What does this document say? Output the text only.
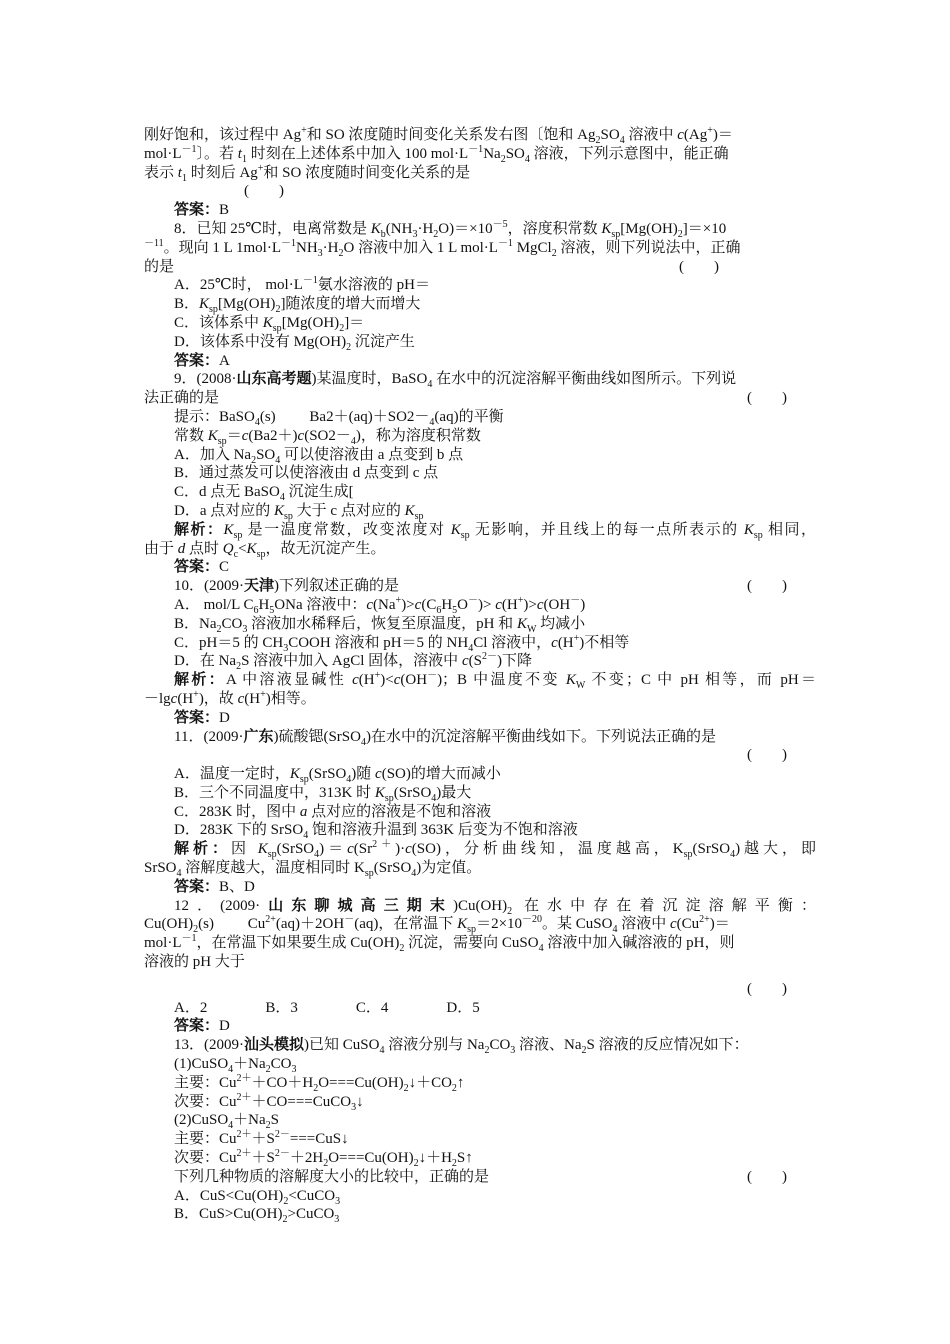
刚好饱和，该过程中 Ag+和 SO 浓度随时间变化关系发右图〔饱和 $Ag_2SO_4$ 溶液中 c(Ag+)＝
$mol\cdot L^{-1}$〕。若 $t_1$ 时刻在上述体系中加入 100 $mol\cdot L^{-1}Na_2SO_4$ 溶液，下列示意图中，能正确
表示 $t_1$ 时刻后 Ag+和 SO 浓度随时间变化关系的是
(　　)
答案：B
8．已知 25℃时，电离常数是 $K_b(NH_3\cdot H_2O)=\times 10^{-5}$，溶度积常数 $K_{sp}[Mg(OH)_2]=\times 10$
$^{-11}$。现向 1 L $1mol\cdot L^{-1}NH_3\cdot H_2O$ 溶液中加入 1 L $mol\cdot L^{-1}$ MgCl$_2$ 溶液，则下列说法中，正确
的是	(　　)
A．25℃时， $mol\cdot L^{-1}$氨水溶液的 pH＝
B．$K_{sp}[Mg(OH)_2]$随浓度的增大而增大
C．该体系中 $K_{sp}[Mg(OH)_2]=$
D．该体系中没有 $Mg(OH)_2$ 沉淀产生
答案：A
9．(2008·山东高考题)某温度时，BaSO$_4$ 在水中的沉淀溶解平衡曲线如图所示。下列说
法正确的是	(　　)
提示：BaSO$_4$(s)　　 $Ba2+(aq)+SO2-_4(aq)$的平衡
常数 $K_{sp}=c(Ba2+)c(SO2-_4)$，称为溶度积常数
A．加入 $Na_2SO_4$ 可以使溶液由 a 点变到 b 点
B．通过蒸发可以使溶液由 d 点变到 c 点
C．d 点无 BaSO$_4$ 沉淀生成[
D．a 点对应的 $K_{sp}$ 大于 c 点对应的 $K_{sp}$
解析：$K_{sp}$ 是一温度常数，改变浓度对 $K_{sp}$ 无影响，并且线上的每一点所表示的 $K_{sp}$ 相同，
由于 d 点时 $Q_c<K_{sp}$，故无沉淀产生。
答案：C
10．(2009·天津)下列叙述正确的是	(　　)
A． mol/L $C_6H_5ONa$ 溶液中：$c(Na^+)>c(C_6H_5O^-)> c(H^+)>c(OH^-)$
B．$Na_2CO_3$ 溶液加水稀释后，恢复至原温度，pH 和 $K_W$ 均减小
C．pH＝5 的 $CH_3COOH$ 溶液和 pH＝5 的 $NH_4Cl$ 溶液中，c(H+)不相等
D．在 $Na_2S$ 溶液中加入 AgCl 固体，溶液中 $c(S^{2-})$下降
解析：A 中溶液显碱性 c(H+)<c(OH－)；B 中温度不变 $K_W$ 不变；C 中 pH 相等，而 pH＝
－lgc(H+)，故 c(H+)相等。
答案：D
11．(2009·广东)硫酸锶(SrSO$_4$)在水中的沉淀溶解平衡曲线如下。下列说法正确的是
(　　)
A．温度一定时，$K_{sp}(SrSO_4)$随 c(SO)的增大而减小
B．三个不同温度中，313K 时 $K_{sp}(SrSO_4)$最大
C．283K 时，图中 a 点对应的溶液是不饱和溶液
D．283K 下的 SrSO$_4$ 饱和溶液升温到 363K 后变为不饱和溶液
解析：因 $K_{sp}(SrSO_4)=c(Sr^{2+})\cdot c(SO)$，分析曲线知，温度越高，$K_{sp}(SrSO_4)$越大，即
SrSO$_4$ 溶解度越大，温度相同时 $K_{sp}(SrSO_4)$为定值。
答案：B、D
12．(2009·山东聊城高三期末)$Cu(OH)_2$ 在水中存在着沉淀溶解平衡：
$Cu(OH)_2(s)$　　 $Cu^{2+}(aq)+2OH^-(aq)$，在常温下 $K_{sp}=2\times 10^{-20}$。某 CuSO$_4$ 溶液中 $c(Cu^{2+})=$
$mol\cdot L^{-1}$，在常温下如果要生成 $Cu(OH)_2$ 沉淀，需要向 CuSO$_4$ 溶液中加入碱溶液的 pH，则
溶液的 pH 大于
(　　)
A．2	B．3	C．4	D．5
答案：D
13．(2009·汕头模拟)已知 CuSO$_4$ 溶液分别与 $Na_2CO_3$ 溶液、$Na_2S$ 溶液的反应情况如下：
$(1)CuSO_4+Na_2CO_3$
主要：$Cu^{2+}+CO+H_2O===Cu(OH)_2↓+CO_2↑$
次要：$Cu^{2+}+CO===CuCO_3↓$
$(2)CuSO_4+Na_2S$
主要：$Cu^{2+}+S^{2-}===CuS↓$
次要：$Cu^{2+}+S^{2-}+2H_2O===Cu(OH)_2↓+H_2S↑$
下列几种物质的溶解度大小的比较中，正确的是	(　　)
A．$CuS<Cu(OH)_2<CuCO_3$
B．$CuS>Cu(OH)_2>CuCO_3$
